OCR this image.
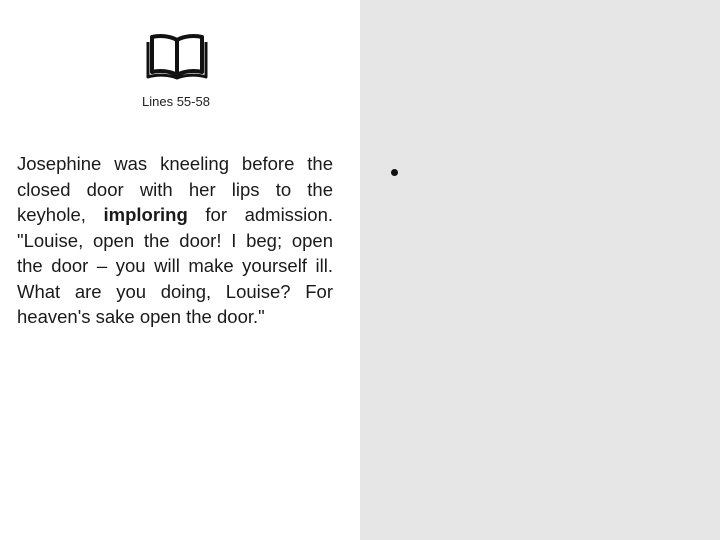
Lines 55-58

Josephine was kneeling before the closed door with her lips to the keyhole, imploring for admission. "Louise, open the door! I beg; open the door – you will make yourself ill. What are you doing, Louise? For heaven's sake open the door."
